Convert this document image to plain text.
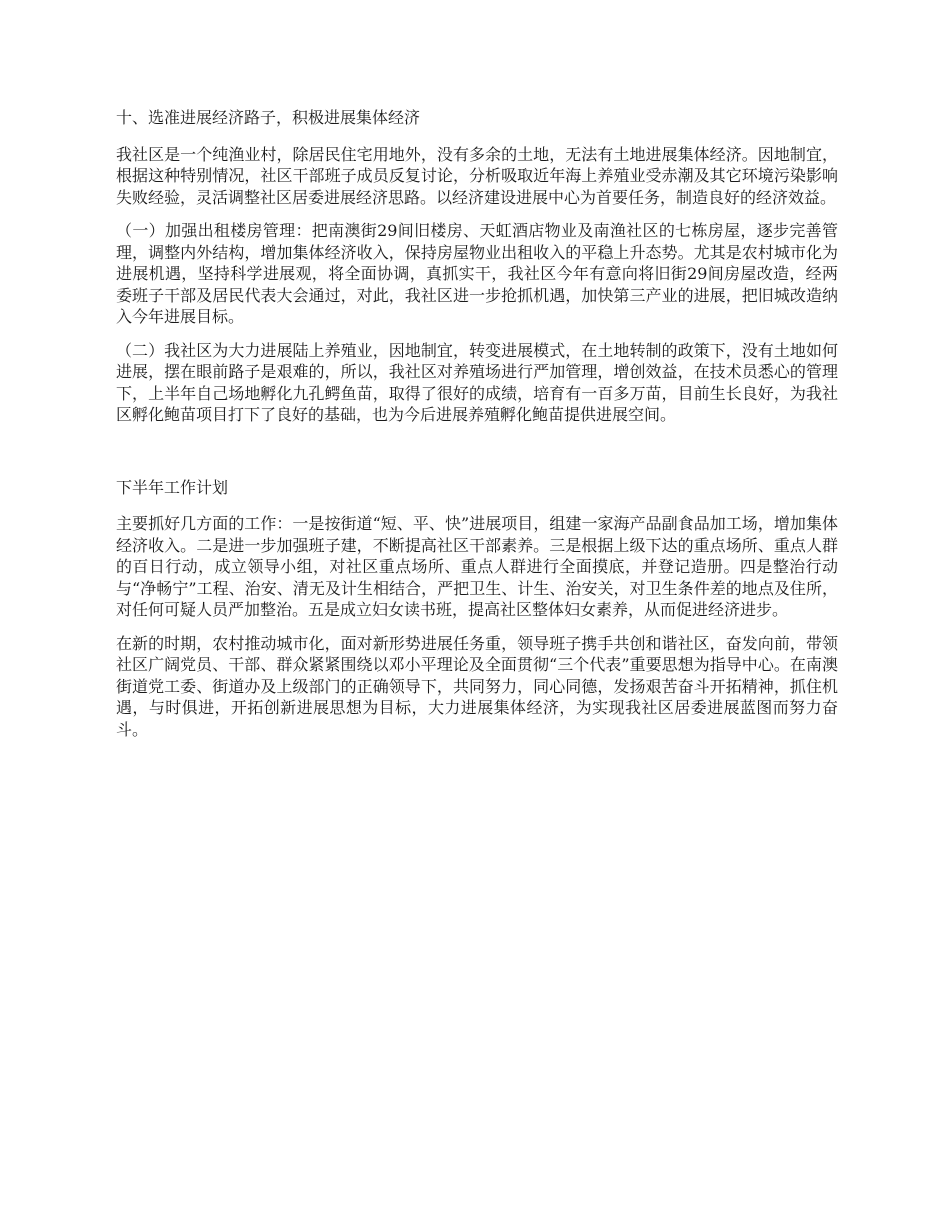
十、选准进展经济路子，积极进展集体经济

我社区是一个纯渔业村，除居民住宅用地外，没有多余的土地，无法有土地进展集体经济。因地制宜，根据这种特别情况，社区干部班子成员反复讨论，分析吸取近年海上养殖业受赤潮及其它环境污染影响失败经验，灵活调整社区居委进展经济思路。以经济建设进展中心为首要任务，制造良好的经济效益。

（一）加强出租楼房管理：把南澳街29间旧楼房、天虹酒店物业及南渔社区的七栋房屋，逐步完善管理，调整内外结构，增加集体经济收入，保持房屋物业出租收入的平稳上升态势。尤其是农村城市化为进展机遇，坚持科学进展观，将全面协调，真抓实干，我社区今年有意向将旧街29间房屋改造，经两委班子干部及居民代表大会通过，对此，我社区进一步抢抓机遇，加快第三产业的进展，把旧城改造纳入今年进展目标。

（二）我社区为大力进展陆上养殖业，因地制宜，转变进展模式，在土地转制的政策下，没有土地如何进展，摆在眼前路子是艰难的，所以，我社区对养殖场进行严加管理，增创效益，在技术员悉心的管理下，上半年自己场地孵化九孔鳄鱼苗，取得了很好的成绩，培育有一百多万苗，目前生长良好，为我社区孵化鲍苗项目打下了良好的基础，也为今后进展养殖孵化鲍苗提供进展空间。

下半年工作计划

主要抓好几方面的工作：一是按街道“短、平、快”进展项目，组建一家海产品副食品加工场，增加集体经济收入。二是进一步加强班子建，不断提高社区干部素养。三是根据上级下达的重点场所、重点人群的百日行动，成立领导小组，对社区重点场所、重点人群进行全面摸底，并登记造册。四是整治行动与“净畅宁”工程、治安、清无及计生相结合，严把卫生、计生、治安关，对卫生条件差的地点及住所，对任何可疑人员严加整治。五是成立妇女读书班，提高社区整体妇女素养，从而促进经济进步。

在新的时期，农村推动城市化，面对新形势进展任务重，领导班子携手共创和谐社区，奋发向前，带领社区广阔党员、干部、群众紧紧围绕以邓小平理论及全面贯彻“三个代表”重要思想为指导中心。在南澳街道党工委、街道办及上级部门的正确领导下，共同努力，同心同德，发扬艰苦奋斗开拓精神，抓住机遇，与时俱进，开拓创新进展思想为目标，大力进展集体经济，为实现我社区居委进展蓝图而努力奋斗。
